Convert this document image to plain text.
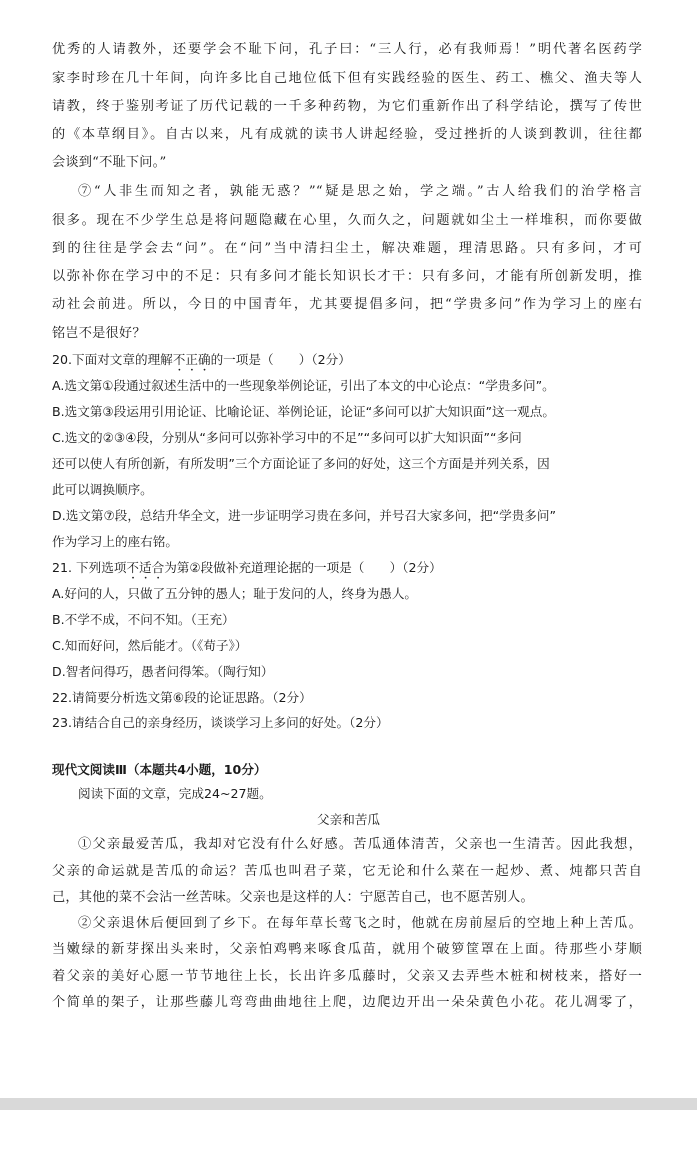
优秀的人请教外，还要学会不耻下问，孔子曰：“三人行，必有我师焉！”明代著名医药学
家李时珍在几十年间，向许多比自己地位低下但有实践经验的医生、药工、樵父、渔夫等人
请教，终于鉴别考证了历代记载的一千多种药物，为它们重新作出了科学结论，撰写了传世
的《本草纲目》。自古以来，凡有成就的读书人讲起经验，受过挫折的人谈到教训，往往都
会谈到“不耻下问。”
⑦“人非生而知之者，孰能无惑？”“疑是思之始，学之端。”古人给我们的治学格言
很多。现在不少学生总是将问题隐藏在心里，久而久之，问题就如尘土一样堆积，而你要做
到的往往是学会去“问”。在“问”当中清扫尘土，解决难题，理清思路。只有多问，才可
以弥补你在学习中的不足：只有多问才能长知识长才干：只有多问，才能有所创新发明，推
动社会前进。所以，今日的中国青年，尤其要提倡多问，把“学贵多问”作为学习上的座右
铭岂不是很好？
20.下面对文章的理解不正确的一项是（　　）（2分）
A.选文第①段通过叙述生活中的一些现象举例论证，引出了本文的中心论点：“学贵多问”。
B.选文第③段运用引用论证、比喻论证、举例论证，论证“多问可以扩大知识面”这一观点。
C.选文的②③④段，分别从“多问可以弥补学习中的不足”“多问可以扩大知识面”“多问
还可以使人有所创新，有所发明”三个方面论证了多问的好处，这三个方面是并列关系，因
此可以调换顺序。
D.选文第⑦段，总结升华全文，进一步证明学习贵在多问，并号召大家多问，把“学贵多问”
作为学习上的座右铭。
21. 下列选项不适合为第②段做补充道理论据的一项是（　　）（2分）
A.好问的人，只做了五分钟的愚人；耻于发问的人，终身为愚人。
B.不学不成，不问不知。（王充）
C.知而好问，然后能才。（《荀子》）
D.智者问得巧，愚者问得笨。（陶行知）
22.请简要分析选文第⑥段的论证思路。（2分）
23.请结合自己的亲身经历，谈谈学习上多问的好处。（2分）
现代文阅读Ⅲ（本题共4小题，10分）
阅读下面的文章，完成24~27题。
父亲和苦瓜
①父亲最爱苦瓜，我却对它没有什么好感。苦瓜通体清苦，父亲也一生清苦。因此我想，
父亲的命运就是苦瓜的命运？苦瓜也叫君子菜，它无论和什么菜在一起炒、煮、炖都只苦自
己，其他的菜不会沾一丝苦味。父亲也是这样的人：宁愿苦自己，也不愿苦别人。
②父亲退休后便回到了乡下。在每年草长莺飞之时，他就在房前屋后的空地上种上苦瓜。
当嫩绿的新芽探出头来时，父亲怕鸡鸭来啄食瓜苗，就用个破箩筐罩在上面。待那些小芽顺
着父亲的美好心愿一节节地往上长，长出许多瓜藤时，父亲又去弄些木桩和树枝来，搭好一
个简单的架子，让那些藤儿弯弯曲曲地往上爬，边爬边开出一朵朵黄色小花。花儿凋零了，
